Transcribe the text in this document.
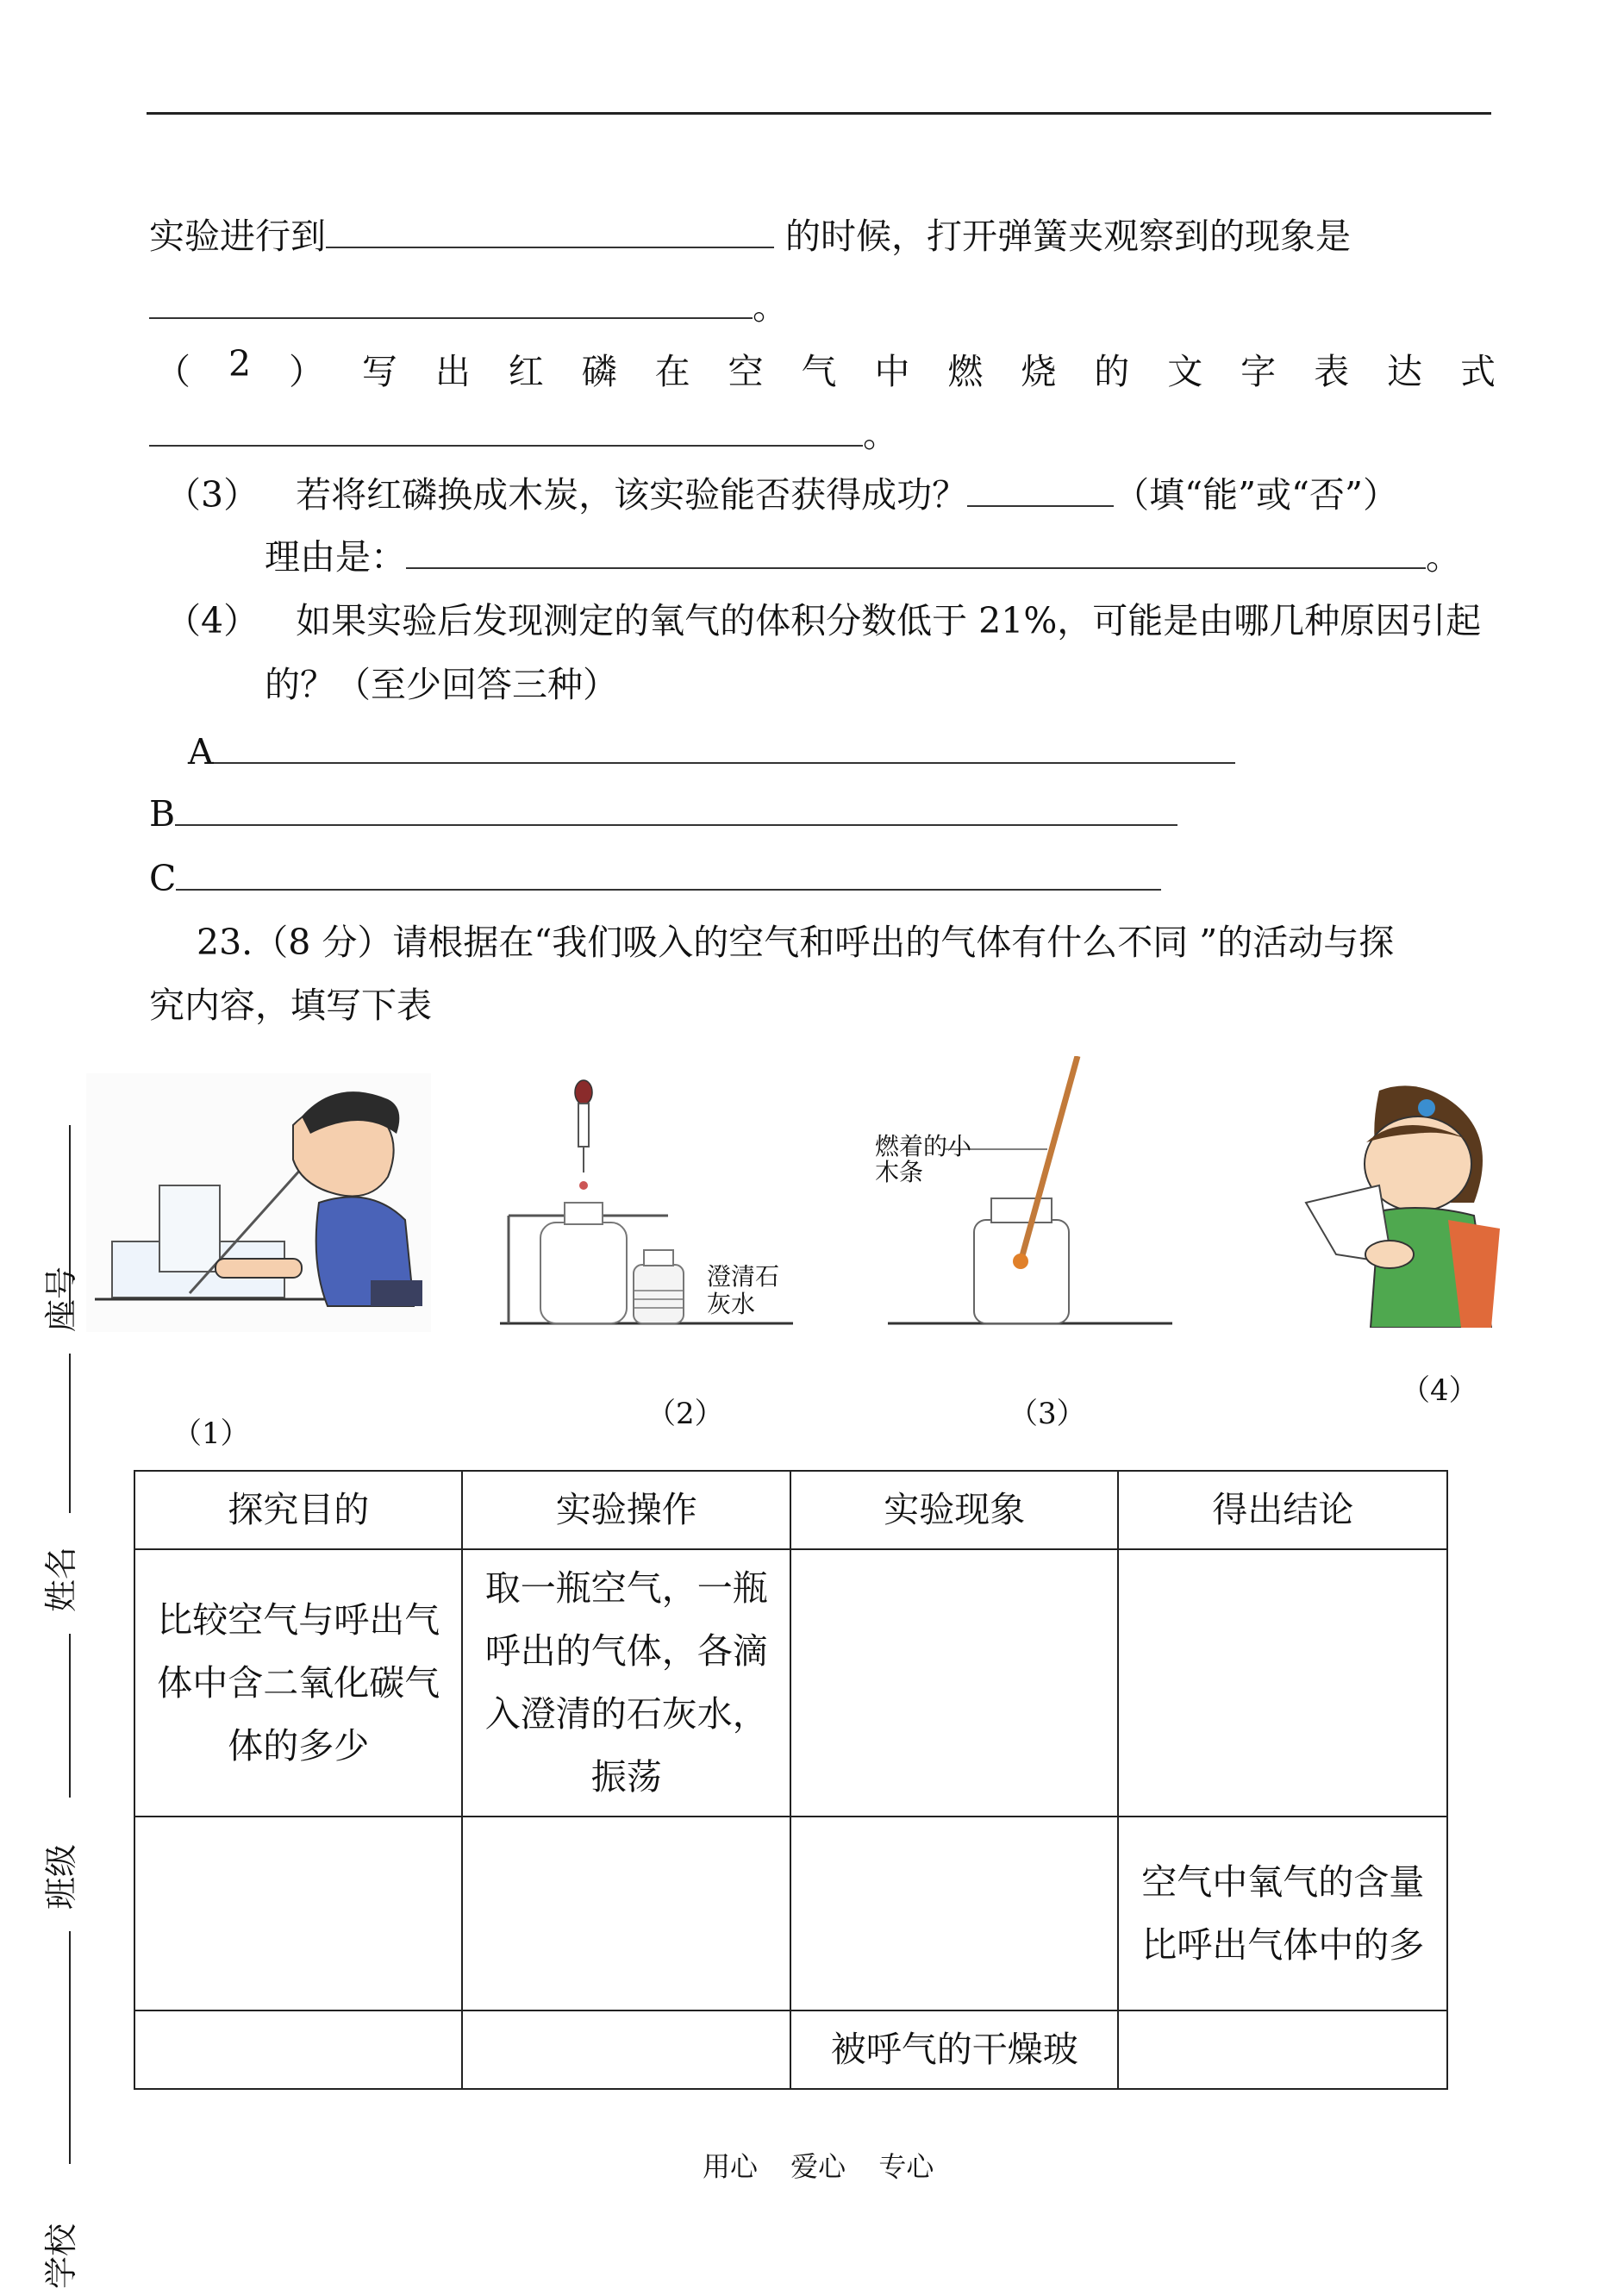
实验进行到	的时候，打开弹簧夹观察到的现象是
。
（ 2 ） 写 出 红 磷 在 空 气 中 燃 烧 的 文 字 表 达 式
。
（3） 若将红磷换成木炭，该实验能否获得成功？	（填“能”或“否”）
理由是：	。
（4） 如果实验后发现测定的氧气的体积分数低于 21%，可能是由哪几种原因引起
的？（至少回答三种）
A
B
C
23.（8 分）请根据在“我们吸入的空气和呼出的气体有什么不同 ”的活动与探
究内容，填写下表
（1）
澄清石灰水
（2）
燃着的小木条
（3）
（4）
探究目的	实验操作	实验现象	得出结论
比较空气与呼出气体中含二氧化碳气体的多少	取一瓶空气，一瓶呼出的气体，各滴入澄清的石灰水，振荡		
			空气中氧气的含量比呼出气体中的多
		被呼气的干燥玻	
座号
姓名
班级
学校
用心 爱心 专心
